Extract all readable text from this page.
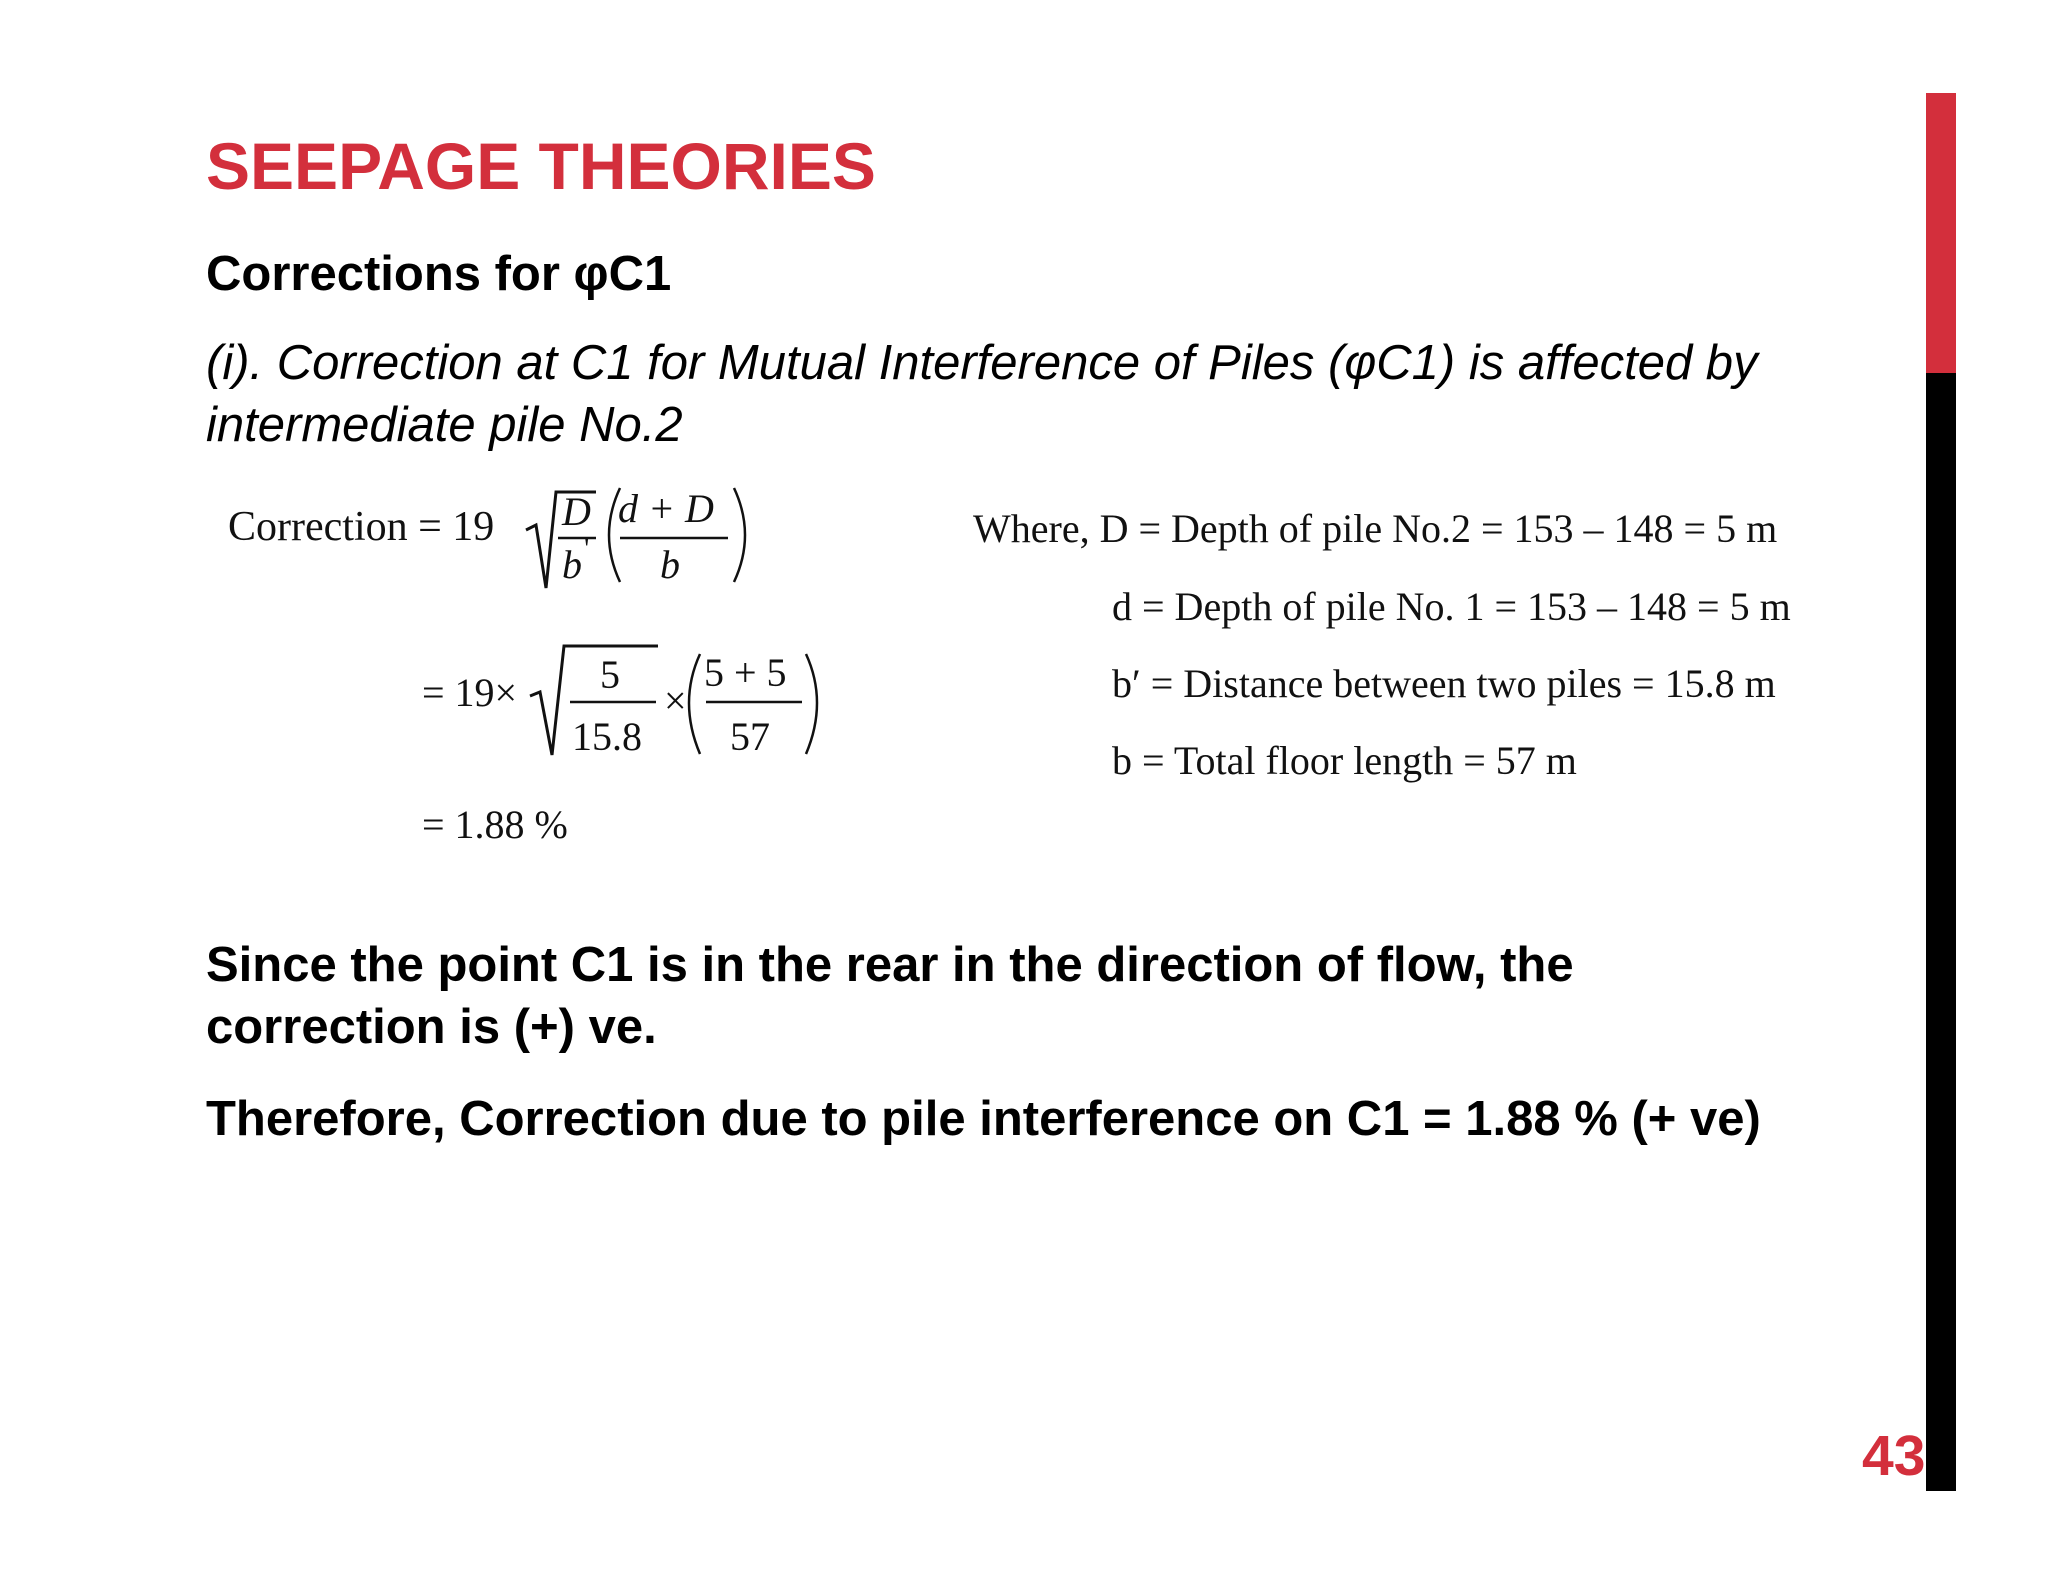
SEEPAGE THEORIES

Corrections for φC1

(i). Correction at C1 for Mutual Interference of Piles (φC1) is affected by intermediate pile No.2

Correction = 19 D
b '
d + D
b
= 19× 5
15.8
×
5 + 5
57
= 1.88 %
Where, D = Depth of pile No.2 = 153 – 148 = 5 m
d = Depth of pile No. 1 = 153 – 148 = 5 m
b′ = Distance between two piles = 15.8 m
b = Total floor length = 57 m

Since the point C1 is in the rear in the direction of flow, the correction is (+) ve.

Therefore, Correction due to pile interference on C1 = 1.88 % (+ ve)

43
